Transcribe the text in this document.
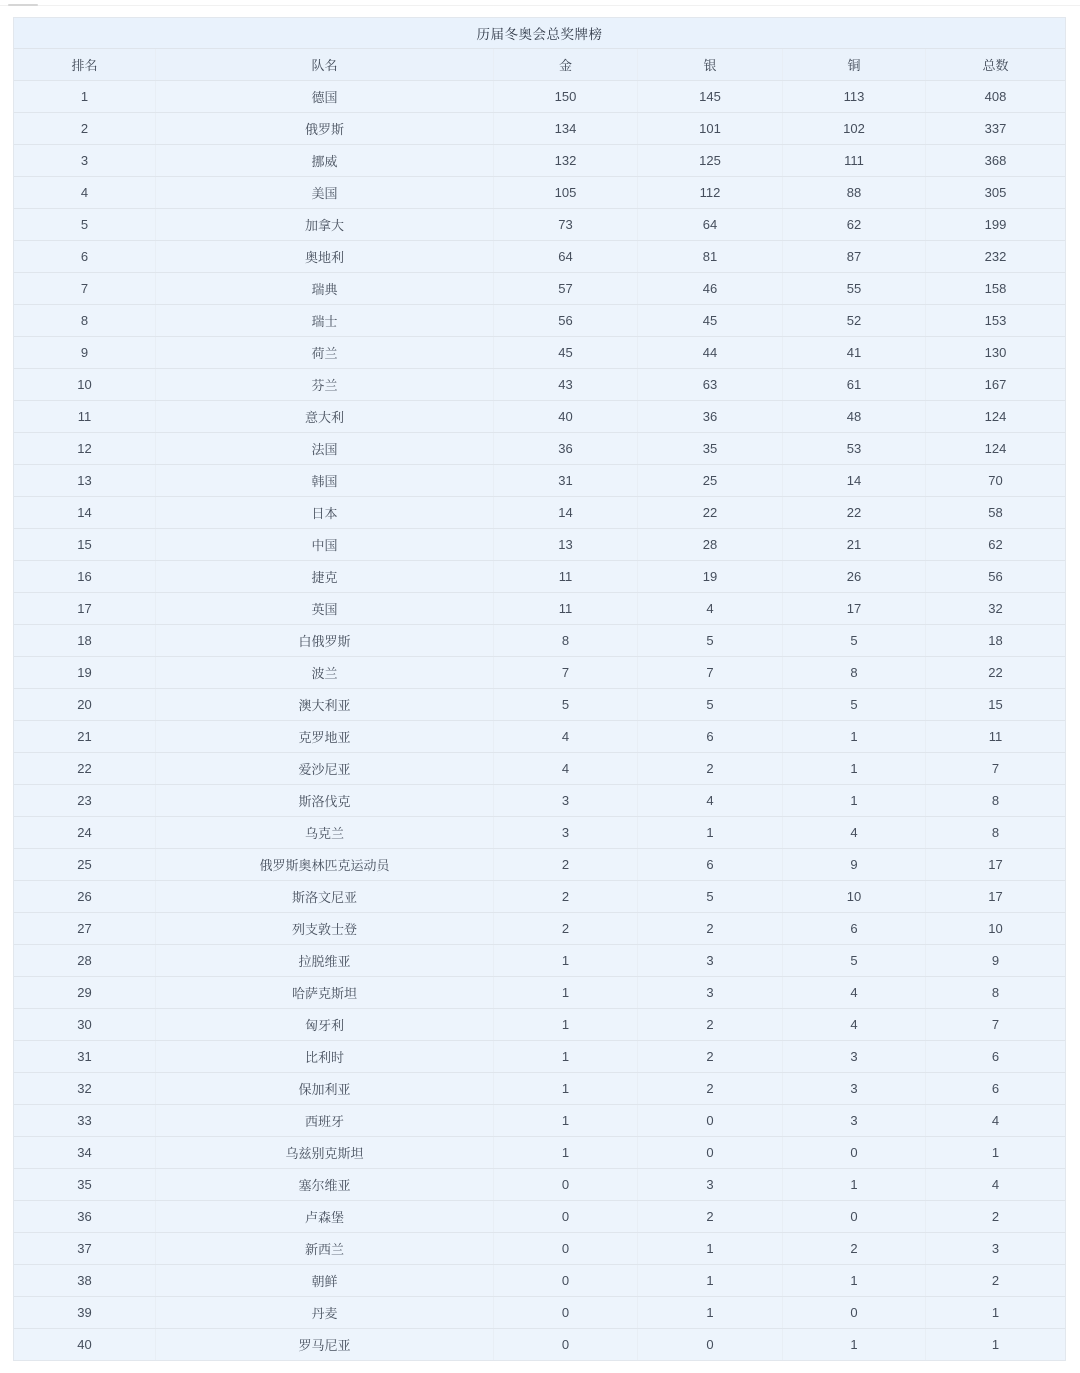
历届冬奥会总奖牌榜
排名	队名	金	银	铜	总数
1	德国	150	145	113	408
2	俄罗斯	134	101	102	337
3	挪威	132	125	111	368
4	美国	105	112	88	305
5	加拿大	73	64	62	199
6	奥地利	64	81	87	232
7	瑞典	57	46	55	158
8	瑞士	56	45	52	153
9	荷兰	45	44	41	130
10	芬兰	43	63	61	167
11	意大利	40	36	48	124
12	法国	36	35	53	124
13	韩国	31	25	14	70
14	日本	14	22	22	58
15	中国	13	28	21	62
16	捷克	11	19	26	56
17	英国	11	4	17	32
18	白俄罗斯	8	5	5	18
19	波兰	7	7	8	22
20	澳大利亚	5	5	5	15
21	克罗地亚	4	6	1	11
22	爱沙尼亚	4	2	1	7
23	斯洛伐克	3	4	1	8
24	乌克兰	3	1	4	8
25	俄罗斯奥林匹克运动员	2	6	9	17
26	斯洛文尼亚	2	5	10	17
27	列支敦士登	2	2	6	10
28	拉脱维亚	1	3	5	9
29	哈萨克斯坦	1	3	4	8
30	匈牙利	1	2	4	7
31	比利时	1	2	3	6
32	保加利亚	1	2	3	6
33	西班牙	1	0	3	4
34	乌兹别克斯坦	1	0	0	1
35	塞尔维亚	0	3	1	4
36	卢森堡	0	2	0	2
37	新西兰	0	1	2	3
38	朝鲜	0	1	1	2
39	丹麦	0	1	0	1
40	罗马尼亚	0	0	1	1
